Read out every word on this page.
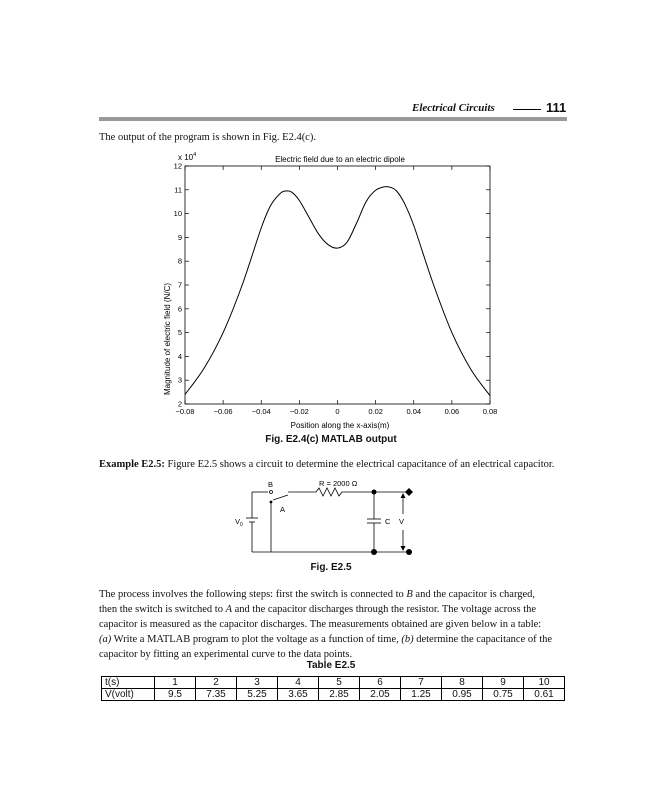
Electrical Circuits	111
The output of the program is shown in Fig. E2.4(c).
Electric field due to an electric dipole
x $10^4$
−0.08	−0.06	−0.04	−0.02	0	0.02	0.04	0.06	0.08
2
3
4
5
6
7
8
9
10
11
12
Magnitude of electric field (N/C)
Position along the x-axis(m)
Fig. E2.4(c) MATLAB output
Example E2.5: Figure E2.5 shows a circuit to determine the electrical capacitance of an electrical capacitor.
B
A
R = 2000 Ω
$V_0$	C V
Fig. E2.5

The process involves the following steps: first the switch is connected to B and the capacitor is charged,

then the switch is switched to A and the capacitor discharges through the resistor. The voltage across the

capacitor is measured as the capacitor discharges. The measurements obtained are given below in a table:

(a) Write a MATLAB program to plot the voltage as a function of time, (b) determine the capacitance of the

capacitor by fitting an experimental curve to the data points.

Table E2.5
t(s)	1	2	3	4	5	6	7	8	9	10
V(volt)	9.5	7.35	5.25	3.65	2.85	2.05	1.25	0.95	0.75	0.61
